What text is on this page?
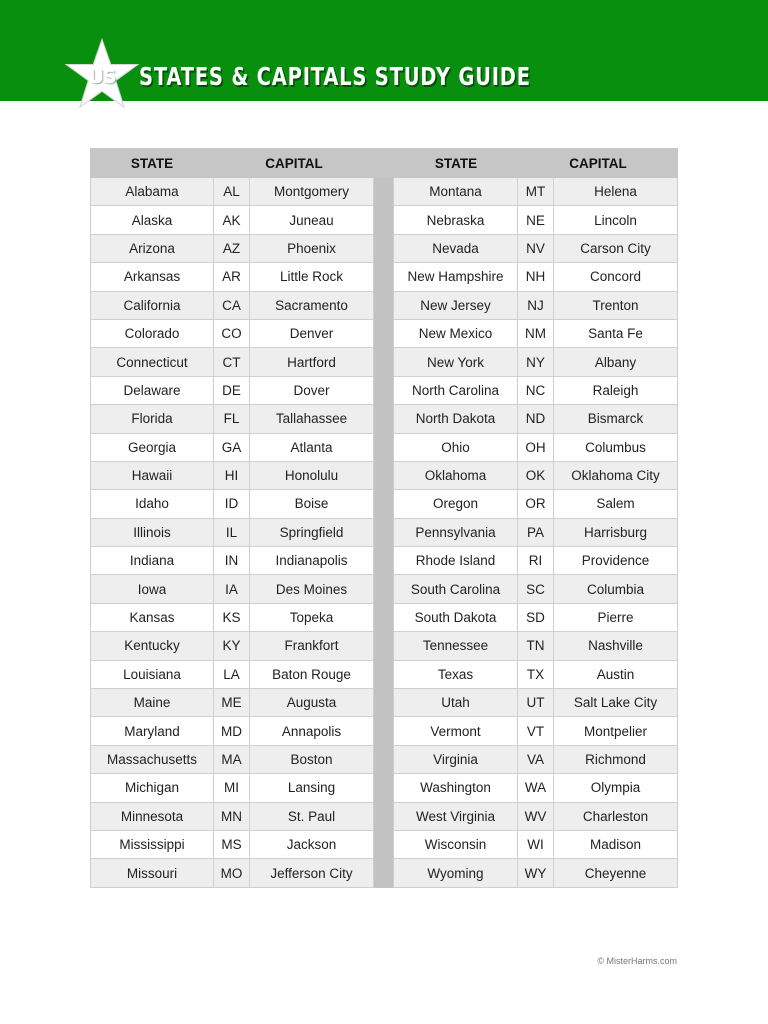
US STATES & CAPITALS STUDY GUIDE
STATE	CAPITAL	STATE	CAPITAL
Alabama	AL	Montgomery	Montana	MT	Helena
Alaska	AK	Juneau	Nebraska	NE	Lincoln
Arizona	AZ	Phoenix	Nevada	NV	Carson City
Arkansas	AR	Little Rock	New Hampshire	NH	Concord
California	CA	Sacramento	New Jersey	NJ	Trenton
Colorado	CO	Denver	New Mexico	NM	Santa Fe
Connecticut	CT	Hartford	New York	NY	Albany
Delaware	DE	Dover	North Carolina	NC	Raleigh
Florida	FL	Tallahassee	North Dakota	ND	Bismarck
Georgia	GA	Atlanta	Ohio	OH	Columbus
Hawaii	HI	Honolulu	Oklahoma	OK	Oklahoma City
Idaho	ID	Boise	Oregon	OR	Salem
Illinois	IL	Springfield	Pennsylvania	PA	Harrisburg
Indiana	IN	Indianapolis	Rhode Island	RI	Providence
Iowa	IA	Des Moines	South Carolina	SC	Columbia
Kansas	KS	Topeka	South Dakota	SD	Pierre
Kentucky	KY	Frankfort	Tennessee	TN	Nashville
Louisiana	LA	Baton Rouge	Texas	TX	Austin
Maine	ME	Augusta	Utah	UT	Salt Lake City
Maryland	MD	Annapolis	Vermont	VT	Montpelier
Massachusetts	MA	Boston	Virginia	VA	Richmond
Michigan	MI	Lansing	Washington	WA	Olympia
Minnesota	MN	St. Paul	West Virginia	WV	Charleston
Mississippi	MS	Jackson	Wisconsin	WI	Madison
Missouri	MO	Jefferson City	Wyoming	WY	Cheyenne
© MisterHarms.com
